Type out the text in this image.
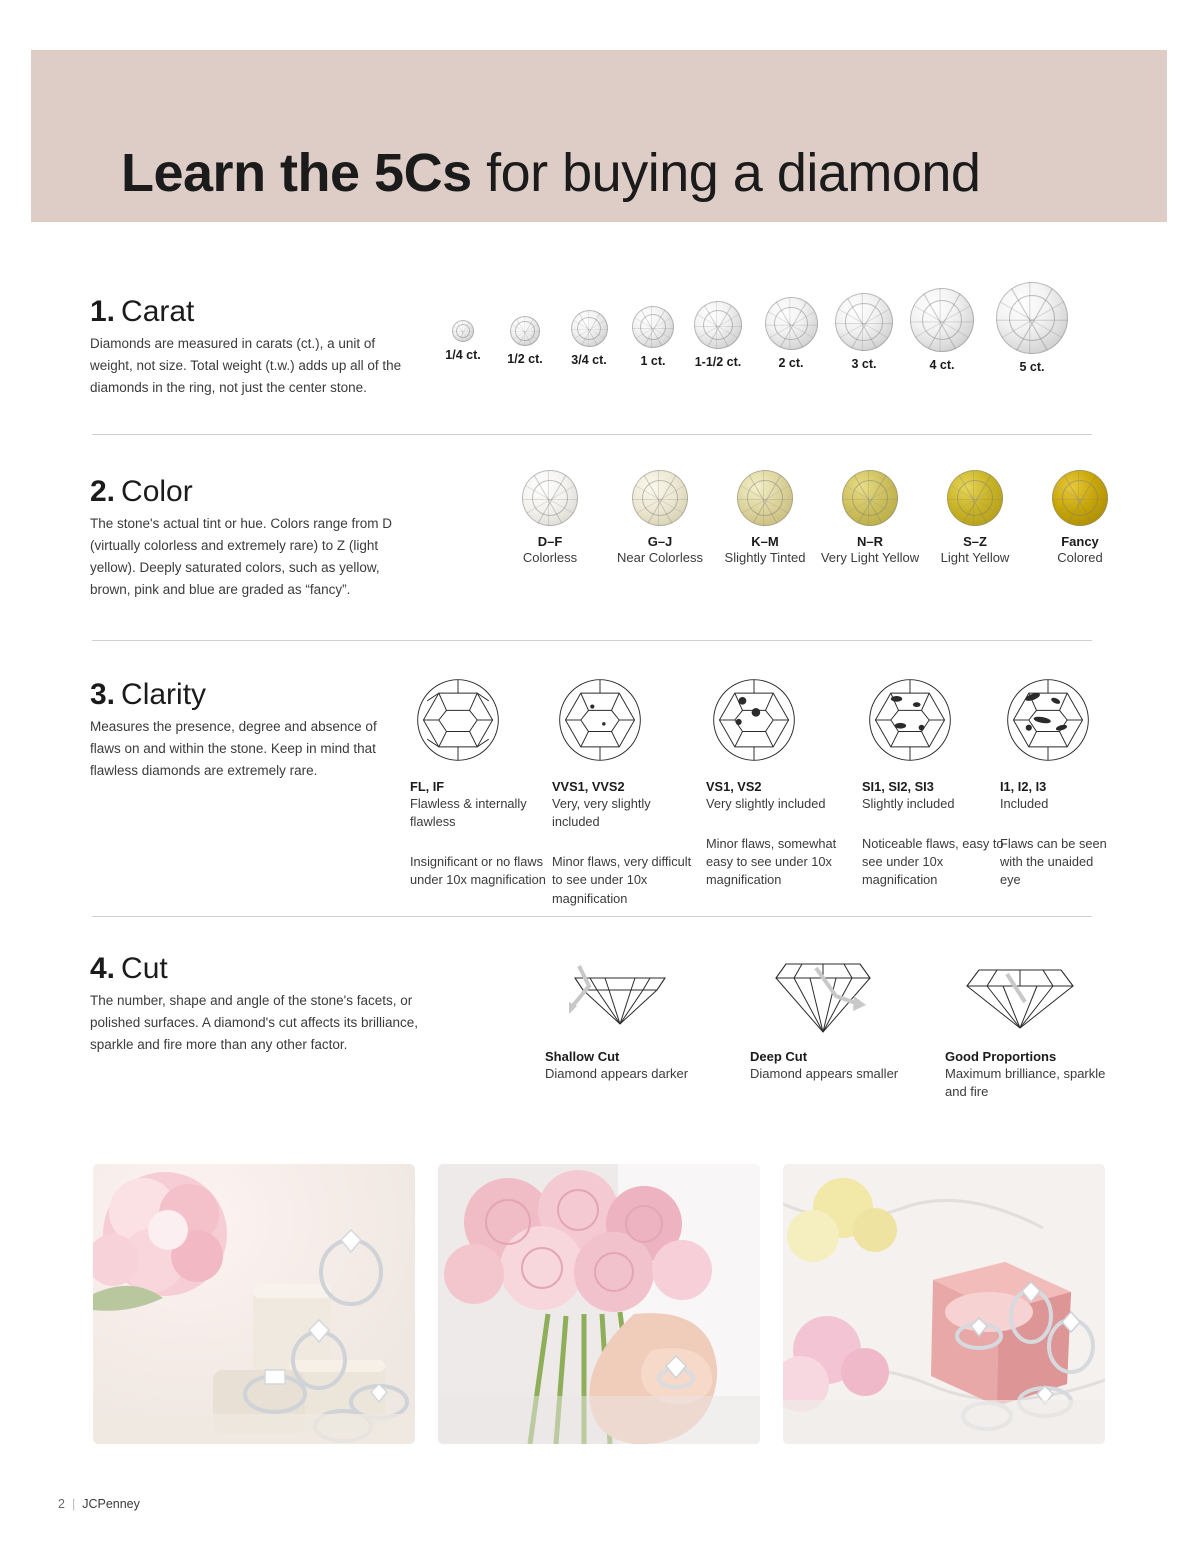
Learn the 5Cs for buying a diamond
1. Carat
Diamonds are measured in carats (ct.), a unit of weight, not size. Total weight (t.w.) adds up all of the diamonds in the ring, not just the center stone.
1/4 ct.	1/2 ct.	3/4 ct.	1 ct.	1-1/2 ct.	2 ct.	3 ct.	4 ct.	5 ct.
2. Color
The stone's actual tint or hue. Colors range from D (virtually colorless and extremely rare) to Z (light yellow). Deeply saturated colors, such as yellow, brown, pink and blue are graded as “fancy”.
D–F
Colorless
G–J
Near Colorless
K–M
Slightly Tinted
N–R
Very Light Yellow
S–Z
Light Yellow
Fancy
Colored
3. Clarity
Measures the presence, degree and absence of flaws on and within the stone. Keep in mind that flawless diamonds are extremely rare.
FL, IF
Flawless & internally flawless
Insignificant or no flaws under 10x magnification
VVS1, VVS2
Very, very slightly included
Minor flaws, very difficult to see under 10x magnification
VS1, VS2
Very slightly included
Minor flaws, somewhat easy to see under 10x magnification
SI1, SI2, SI3
Slightly included
Noticeable flaws, easy to see under 10x magnification
I1, I2, I3
Included
Flaws can be seen with the unaided eye
4. Cut
The number, shape and angle of the stone's facets, or polished surfaces. A diamond's cut affects its brilliance, sparkle and fire more than any other factor.
Shallow Cut
Diamond appears darker
Deep Cut
Diamond appears smaller
Good Proportions
Maximum brilliance, sparkle and fire
2 | JCPenney
